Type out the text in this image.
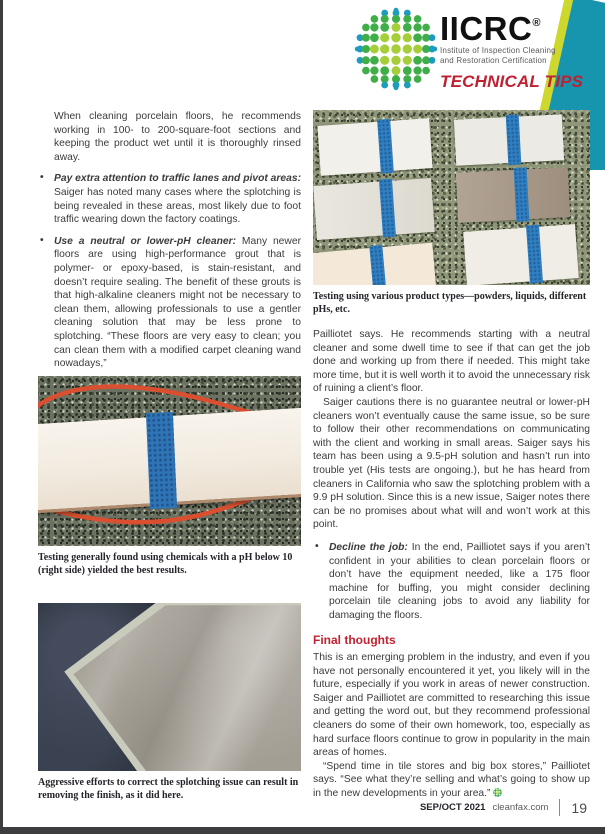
IICRC®
Institute of Inspection Cleaning
and Restoration Certification
TECHNICAL TIPS

When cleaning porcelain floors, he recommends working in 100- to 200-square-foot sections and keeping the product wet until it is thoroughly rinsed away.

• Pay extra attention to traffic lanes and pivot areas: Saiger has noted many cases where the splotching is being revealed in these areas, most likely due to foot traffic wearing down the factory coatings.
• Use a neutral or lower-pH cleaner: Many newer floors are using high-performance grout that is polymer- or epoxy-based, is stain-resistant, and doesn’t require sealing. The benefit of these grouts is that high-alkaline cleaners might not be necessary to clean them, allowing professionals to use a gentler cleaning solution that may be less prone to splotching. “These floors are very easy to clean; you can clean them with a modified carpet cleaning wand nowadays,”
Testing generally found using chemicals with a pH below 10 (right side) yielded the best results.
Aggressive efforts to correct the splotching issue can result in removing the finish, as it did here.
Testing using various product types—powders, liquids, different pHs, etc.

Pailliotet says. He recommends starting with a neutral cleaner and some dwell time to see if that can get the job done and working up from there if needed. This might take more time, but it is well worth it to avoid the unnecessary risk of ruining a client’s floor.

Saiger cautions there is no guarantee neutral or lower-pH cleaners won’t eventually cause the same issue, so be sure to follow their other recommendations on communicating with the client and working in small areas. Saiger says his team has been using a 9.5-pH solution and hasn’t run into trouble yet (His tests are ongoing.), but he has heard from cleaners in California who saw the splotching problem with a 9.9 pH solution. Since this is a new issue, Saiger notes there can be no promises about what will and won’t work at this point.

• Decline the job: In the end, Pailliotet says if you aren’t confident in your abilities to clean porcelain floors or don’t have the equipment needed, like a 175 floor machine for buffing, you might consider declining porcelain tile cleaning jobs to avoid any liability for damaging the floors.
Final thoughts

This is an emerging problem in the industry, and even if you have not personally encountered it yet, you likely will in the future, especially if you work in areas of newer construction. Saiger and Pailliotet are committed to researching this issue and getting the word out, but they recommend professional cleaners do some of their own homework, too, especially as hard surface floors continue to grow in popularity in the main areas of homes.

“Spend time in tile stores and big box stores,” Pailliotet says. “See what they’re selling and what’s going to show up in the new developments in your area.”

SEP/OCT 2021 cleanfax.com 19
